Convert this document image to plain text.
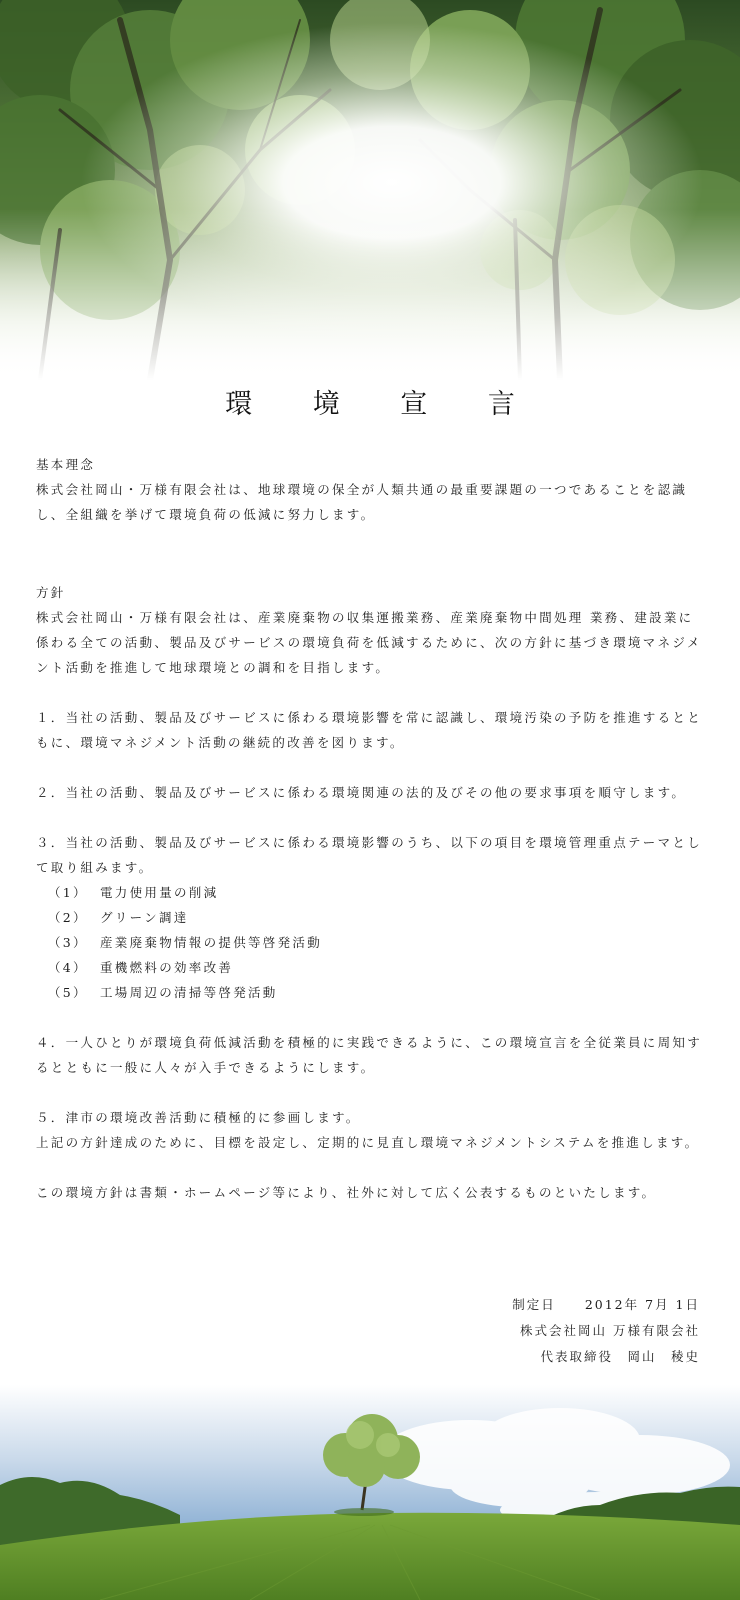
環 境 宣 言

基本理念

株式会社岡山・万様有限会社は、地球環境の保全が人類共通の最重要課題の一つであることを認識し、全組織を挙げて環境負荷の低減に努力します。

方針

株式会社岡山・万様有限会社は、産業廃棄物の収集運搬業務、産業廃棄物中間処理 業務、建設業に係わる全ての活動、製品及びサービスの環境負荷を低減するために、次の方針に基づき環境マネジメント活動を推進して地球環境との調和を目指します。

１．当社の活動、製品及びサービスに係わる環境影響を常に認識し、環境汚染の予防を推進するとともに、環境マネジメント活動の継続的改善を図ります。

２．当社の活動、製品及びサービスに係わる環境関連の法的及びその他の要求事項を順守します。

３．当社の活動、製品及びサービスに係わる環境影響のうち、以下の項目を環境管理重点テーマとして取り組みます。

（1） 電力使用量の削減
（2） グリーン調達
（3） 産業廃棄物情報の提供等啓発活動
（4） 重機燃料の効率改善
（5） 工場周辺の清掃等啓発活動

４．一人ひとりが環境負荷低減活動を積極的に実践できるように、この環境宣言を全従業員に周知するとともに一般に人々が入手できるようにします。

５．津市の環境改善活動に積極的に参画します。

上記の方針達成のために、目標を設定し、定期的に見直し環境マネジメントシステムを推進します。

この環境方針は書類・ホームページ等により、社外に対して広く公表するものといたします。

制定日　　 2012年 7月 1日
株式会社岡山 万様有限会社
代表取締役　岡山　稜史
